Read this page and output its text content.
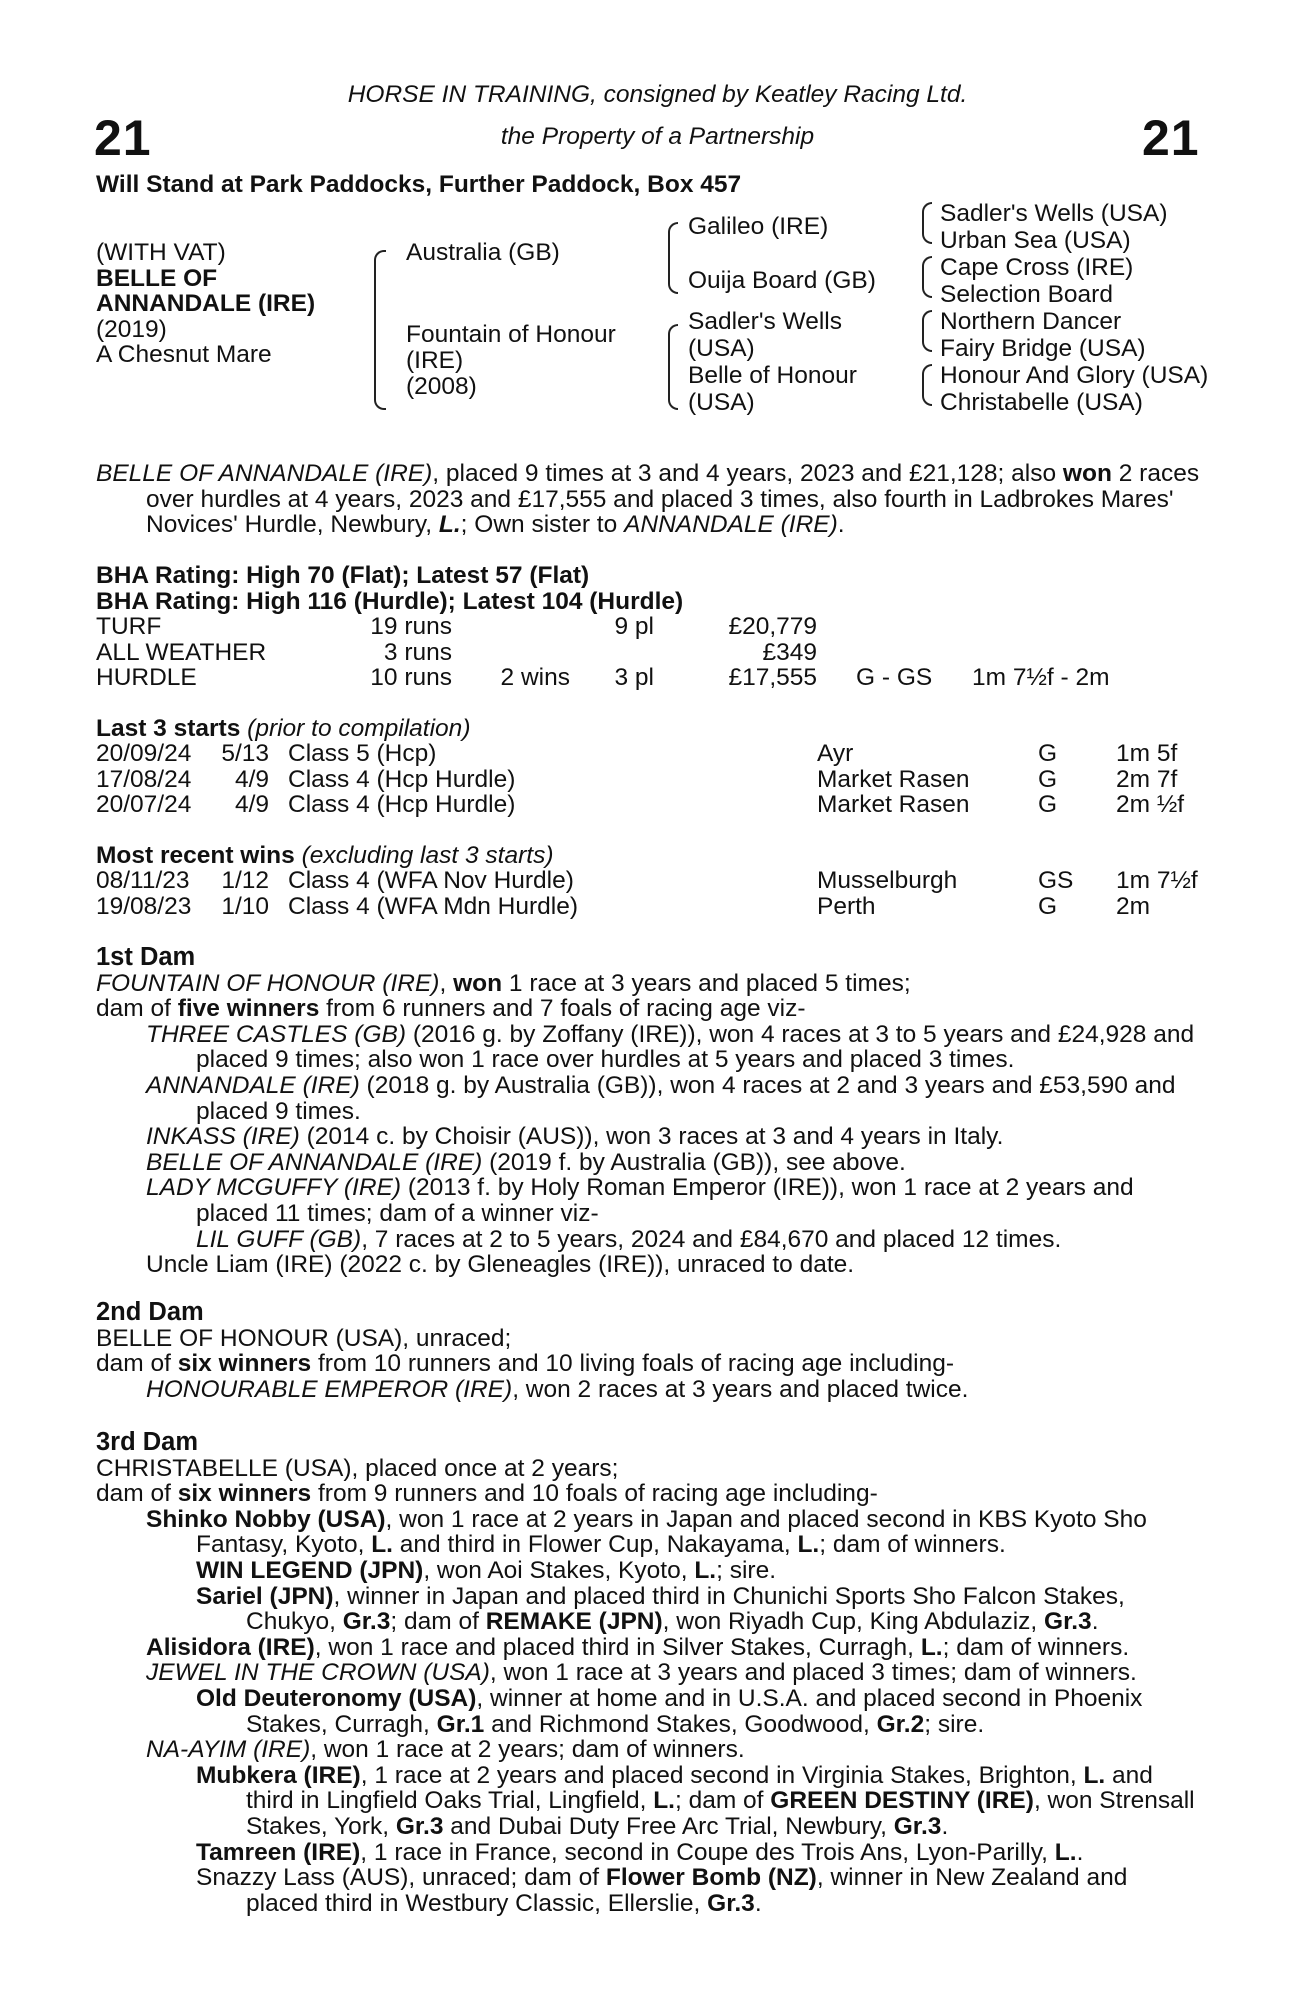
21	21
HORSE IN TRAINING, consigned by Keatley Racing Ltd.
the Property of a Partnership
Will Stand at Park Paddocks, Further Paddock, Box 457
(WITH VAT)
BELLE OF
ANNANDALE (IRE)
(2019)
A Chesnut Mare
Australia (GB)
Fountain of Honour
(IRE)
(2008)
Galileo (IRE)
Ouija Board (GB)
Sadler's Wells
(USA)
Belle of Honour
(USA)
Sadler's Wells (USA)
Urban Sea (USA)
Cape Cross (IRE)
Selection Board
Northern Dancer
Fairy Bridge (USA)
Honour And Glory (USA)
Christabelle (USA)
BELLE OF ANNANDALE (IRE), placed 9 times at 3 and 4 years, 2023 and £21,128; also won 2 races over hurdles at 4 years, 2023 and £17,555 and placed 3 times, also fourth in Ladbrokes Mares' Novices' Hurdle, Newbury, L.; Own sister to ANNANDALE (IRE).
BHA Rating: High 70 (Flat); Latest 57 (Flat)
BHA Rating: High 116 (Hurdle); Latest 104 (Hurdle)
TURF	19 runs	9 pl	£20,779
ALL WEATHER	3 runs	£349
HURDLE	10 runs 2 wins 3 pl	£17,555 G - GS 1m 7½f - 2m
Last 3 starts (prior to compilation)
20/09/24 5/13 Class 5 (Hcp)	Ayr	G 1m 5f
17/08/24 4/9 Class 4 (Hcp Hurdle)	Market Rasen	G 2m 7f
20/07/24 4/9 Class 4 (Hcp Hurdle)	Market Rasen	G 2m ½f
Most recent wins (excluding last 3 starts)
08/11/23 1/12 Class 4 (WFA Nov Hurdle)	Musselburgh	GS 1m 7½f
19/08/23 1/10 Class 4 (WFA Mdn Hurdle)	Perth	G 2m

1st Dam

FOUNTAIN OF HONOUR (IRE), won 1 race at 3 years and placed 5 times;

dam of five winners from 6 runners and 7 foals of racing age viz-

THREE CASTLES (GB) (2016 g. by Zoffany (IRE)), won 4 races at 3 to 5 years and £24,928 and placed 9 times; also won 1 race over hurdles at 5 years and placed 3 times.

ANNANDALE (IRE) (2018 g. by Australia (GB)), won 4 races at 2 and 3 years and £53,590 and placed 9 times.

INKASS (IRE) (2014 c. by Choisir (AUS)), won 3 races at 3 and 4 years in Italy.

BELLE OF ANNANDALE (IRE) (2019 f. by Australia (GB)), see above.

LADY MCGUFFY (IRE) (2013 f. by Holy Roman Emperor (IRE)), won 1 race at 2 years and placed 11 times; dam of a winner viz-

LIL GUFF (GB), 7 races at 2 to 5 years, 2024 and £84,670 and placed 12 times.

Uncle Liam (IRE) (2022 c. by Gleneagles (IRE)), unraced to date.

2nd Dam

BELLE OF HONOUR (USA), unraced;

dam of six winners from 10 runners and 10 living foals of racing age including-

HONOURABLE EMPEROR (IRE), won 2 races at 3 years and placed twice.

3rd Dam

CHRISTABELLE (USA), placed once at 2 years;

dam of six winners from 9 runners and 10 foals of racing age including-

Shinko Nobby (USA), won 1 race at 2 years in Japan and placed second in KBS Kyoto Sho Fantasy, Kyoto, L. and third in Flower Cup, Nakayama, L.; dam of winners.

WIN LEGEND (JPN), won Aoi Stakes, Kyoto, L.; sire.

Sariel (JPN), winner in Japan and placed third in Chunichi Sports Sho Falcon Stakes, Chukyo, Gr.3; dam of REMAKE (JPN), won Riyadh Cup, King Abdulaziz, Gr.3.

Alisidora (IRE), won 1 race and placed third in Silver Stakes, Curragh, L.; dam of winners.

JEWEL IN THE CROWN (USA), won 1 race at 3 years and placed 3 times; dam of winners.

Old Deuteronomy (USA), winner at home and in U.S.A. and placed second in Phoenix Stakes, Curragh, Gr.1 and Richmond Stakes, Goodwood, Gr.2; sire.

NA-AYIM (IRE), won 1 race at 2 years; dam of winners.

Mubkera (IRE), 1 race at 2 years and placed second in Virginia Stakes, Brighton, L. and third in Lingfield Oaks Trial, Lingfield, L.; dam of GREEN DESTINY (IRE), won Strensall Stakes, York, Gr.3 and Dubai Duty Free Arc Trial, Newbury, Gr.3.

Tamreen (IRE), 1 race in France, second in Coupe des Trois Ans, Lyon-Parilly, L..

Snazzy Lass (AUS), unraced; dam of Flower Bomb (NZ), winner in New Zealand and placed third in Westbury Classic, Ellerslie, Gr.3.
